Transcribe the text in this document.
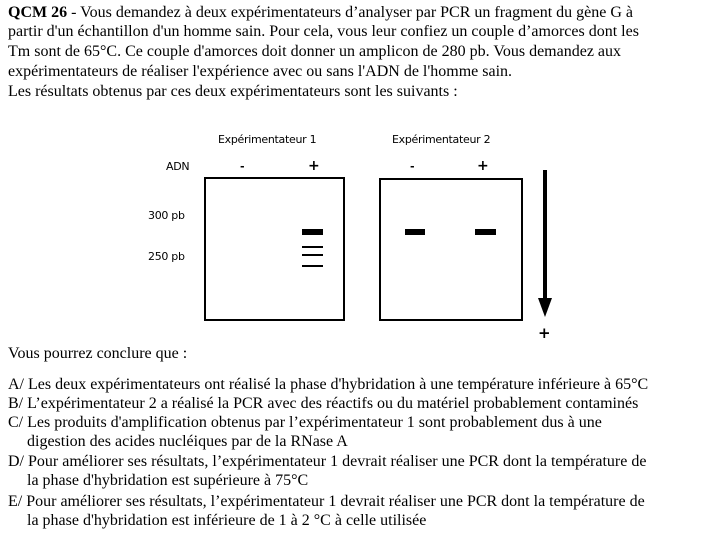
QCM 26 - Vous demandez à deux expérimentateurs d’analyser par PCR un fragment du gène G à
partir d'un échantillon d'un homme sain. Pour cela, vous leur confiez un couple d’amorces dont les
Tm sont de 65°C. Ce couple d'amorces doit donner un amplicon de 280 pb. Vous demandez aux
expérimentateurs de réaliser l'expérience avec ou sans l'ADN de l'homme sain.
Les résultats obtenus par ces deux expérimentateurs sont les suivants :
Expérimentateur 1	Expérimentateur 2
ADN	-	+	-	+
300 pb
250 pb
+
Vous pourrez conclure que :
A/ Les deux expérimentateurs ont réalisé la phase d'hybridation à une température inférieure à 65°C
B/ L’expérimentateur 2 a réalisé la PCR avec des réactifs ou du matériel probablement contaminés
C/ Les produits d'amplification obtenus par l’expérimentateur 1 sont probablement dus à une
digestion des acides nucléiques par de la RNase A
D/ Pour améliorer ses résultats, l’expérimentateur 1 devrait réaliser une PCR dont la température de
la phase d'hybridation est supérieure à 75°C
E/ Pour améliorer ses résultats, l’expérimentateur 1 devrait réaliser une PCR dont la température de
la phase d'hybridation est inférieure de 1 à 2 °C à celle utilisée
